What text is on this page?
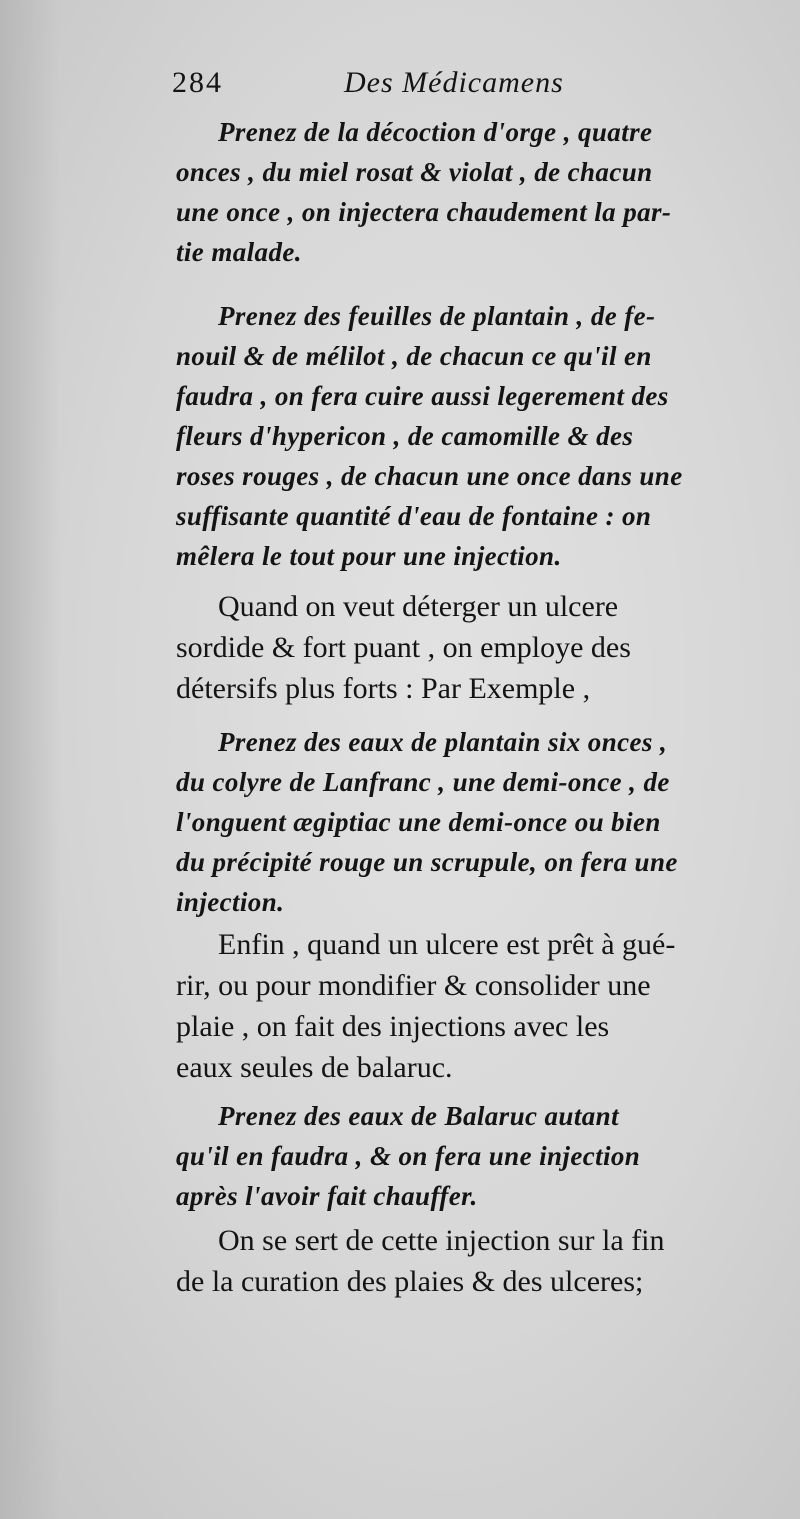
284	Des Médicamens
Prenez de la décoction d'orge , quatre
onces , du miel rosat & violat , de chacun
une once , on injectera chaudement la par-
tie malade.
Prenez des feuilles de plantain , de fe-
nouil & de mélilot , de chacun ce qu'il en
faudra , on fera cuire aussi legerement des
fleurs d'hypericon , de camomille & des
roses rouges , de chacun une once dans une
suffisante quantité d'eau de fontaine : on
mêlera le tout pour une injection.
Quand on veut déterger un ulcere
sordide & fort puant , on employe des
détersifs plus forts : Par Exemple ,
Prenez des eaux de plantain six onces ,
du colyre de Lanfranc , une demi-once , de
l'onguent ægiptiac une demi-once ou bien
du précipité rouge un scrupule, on fera une
injection.
Enfin , quand un ulcere est prêt à gué-
rir, ou pour mondifier & consolider une
plaie , on fait des injections avec les
eaux seules de balaruc.
Prenez des eaux de Balaruc autant
qu'il en faudra , & on fera une injection
après l'avoir fait chauffer.
On se sert de cette injection sur la fin
de la curation des plaies & des ulceres;
